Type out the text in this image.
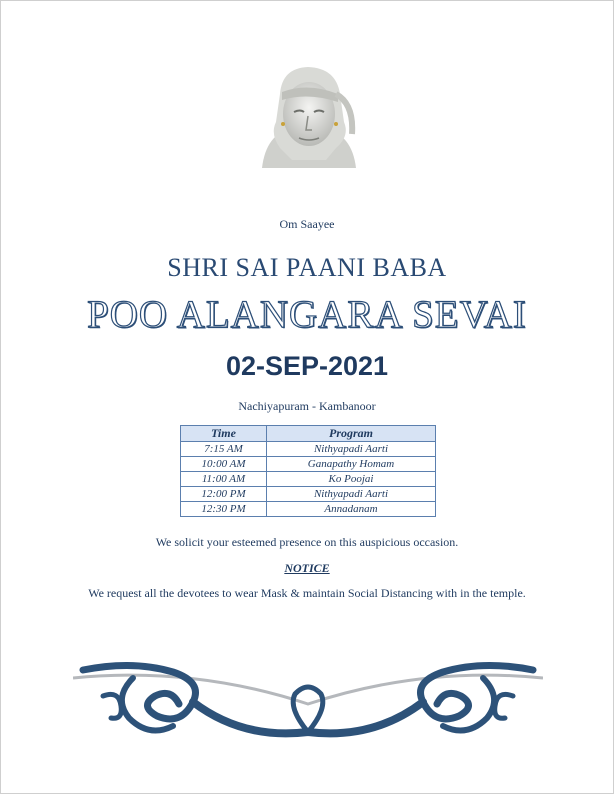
Om Saayee
SHRI SAI PAANI BABA
POO ALANGARA SEVAI
02-SEP-2021
Nachiyapuram - Kambanoor
Time	Program
7:15 AM	Nithyapadi Aarti
10:00 AM	Ganapathy Homam
11:00 AM	Ko Poojai
12:00 PM	Nithyapadi Aarti
12:30 PM	Annadanam
We solicit your esteemed presence on this auspicious occasion.
NOTICE
We request all the devotees to wear Mask & maintain Social Distancing with in the temple.
